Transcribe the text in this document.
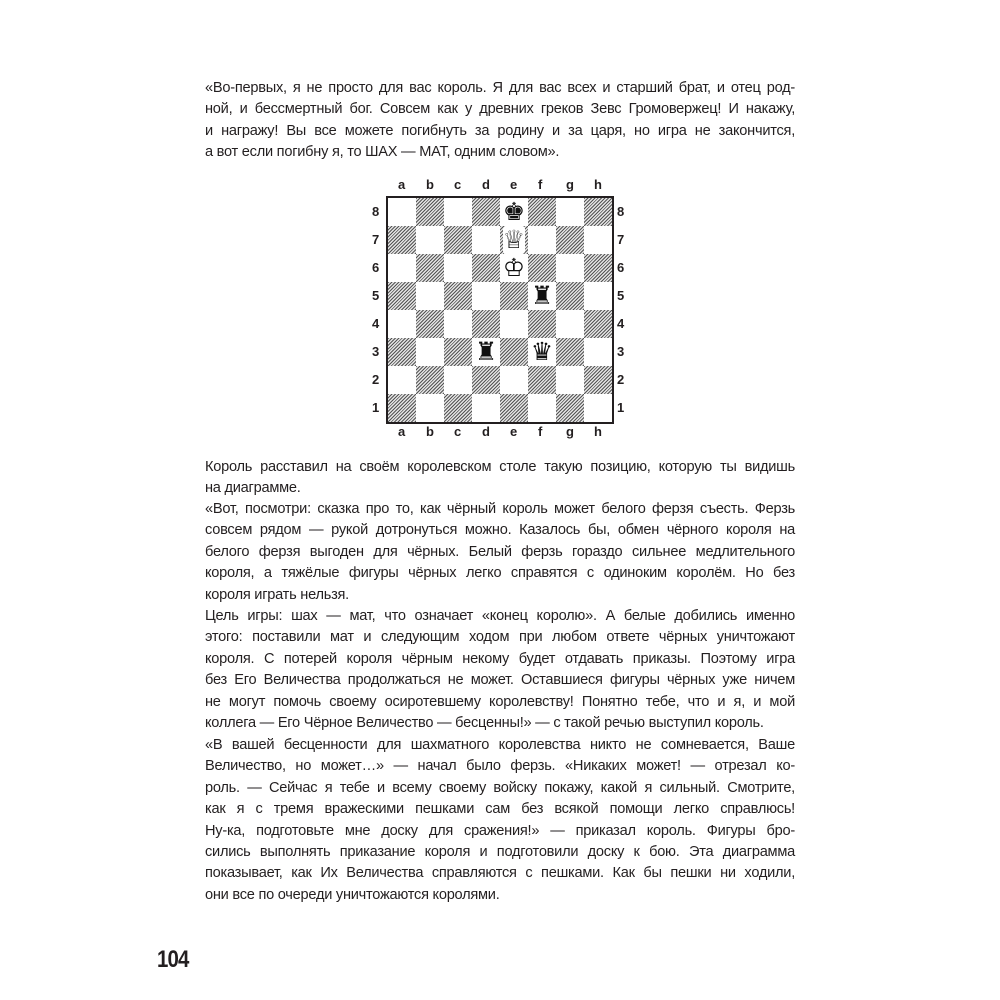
«Во-первых, я не просто для вас король. Я для вас всех и старший брат, и отец род-
ной, и бессмертный бог. Совсем как у древних греков Зевс Громовержец! И накажу,
и награжу! Вы все можете погибнуть за родину и за царя, но игра не закончится,
а вот если погибну я, то ШАХ — МАТ, одним словом».
♚
♕
♔
♜
♜ ♛
a
a
b
b
c
c
d
d
e
e
f
f
g
g
h
h
8	8
7	7
6	6
5	5
4	4
3	3
2	2
1	1
Король расставил на своём королевском столе такую позицию, которую ты видишь
на диаграмме.
«Вот, посмотри: сказка про то, как чёрный король может белого ферзя съесть. Ферзь
совсем рядом — рукой дотронуться можно. Казалось бы, обмен чёрного короля на
белого ферзя выгоден для чёрных. Белый ферзь гораздо сильнее медлительного
короля, а тяжёлые фигуры чёрных легко справятся с одиноким королём. Но без
короля играть нельзя.
Цель игры: шах — мат, что означает «конец королю». А белые добились именно
этого: поставили мат и следующим ходом при любом ответе чёрных уничтожают
короля. С потерей короля чёрным некому будет отдавать приказы. Поэтому игра
без Его Величества продолжаться не может. Оставшиеся фигуры чёрных уже ничем
не могут помочь своему осиротевшему королевству! Понятно тебе, что и я, и мой
коллега — Его Чёрное Величество — бесценны!» — с такой речью выступил король.
«В вашей бесценности для шахматного королевства никто не сомневается, Ваше
Величество, но может…» — начал было ферзь. «Никаких может! — отрезал ко-
роль. — Сейчас я тебе и всему своему войску покажу, какой я сильный. Смотрите,
как я с тремя вражескими пешками сам без всякой помощи легко справлюсь!
Ну-ка, подготовьте мне доску для сражения!» — приказал король. Фигуры бро-
сились выполнять приказание короля и подготовили доску к бою. Эта диаграмма
показывает, как Их Величества справляются с пешками. Как бы пешки ни ходили,
они все по очереди уничтожаются королями.
104
